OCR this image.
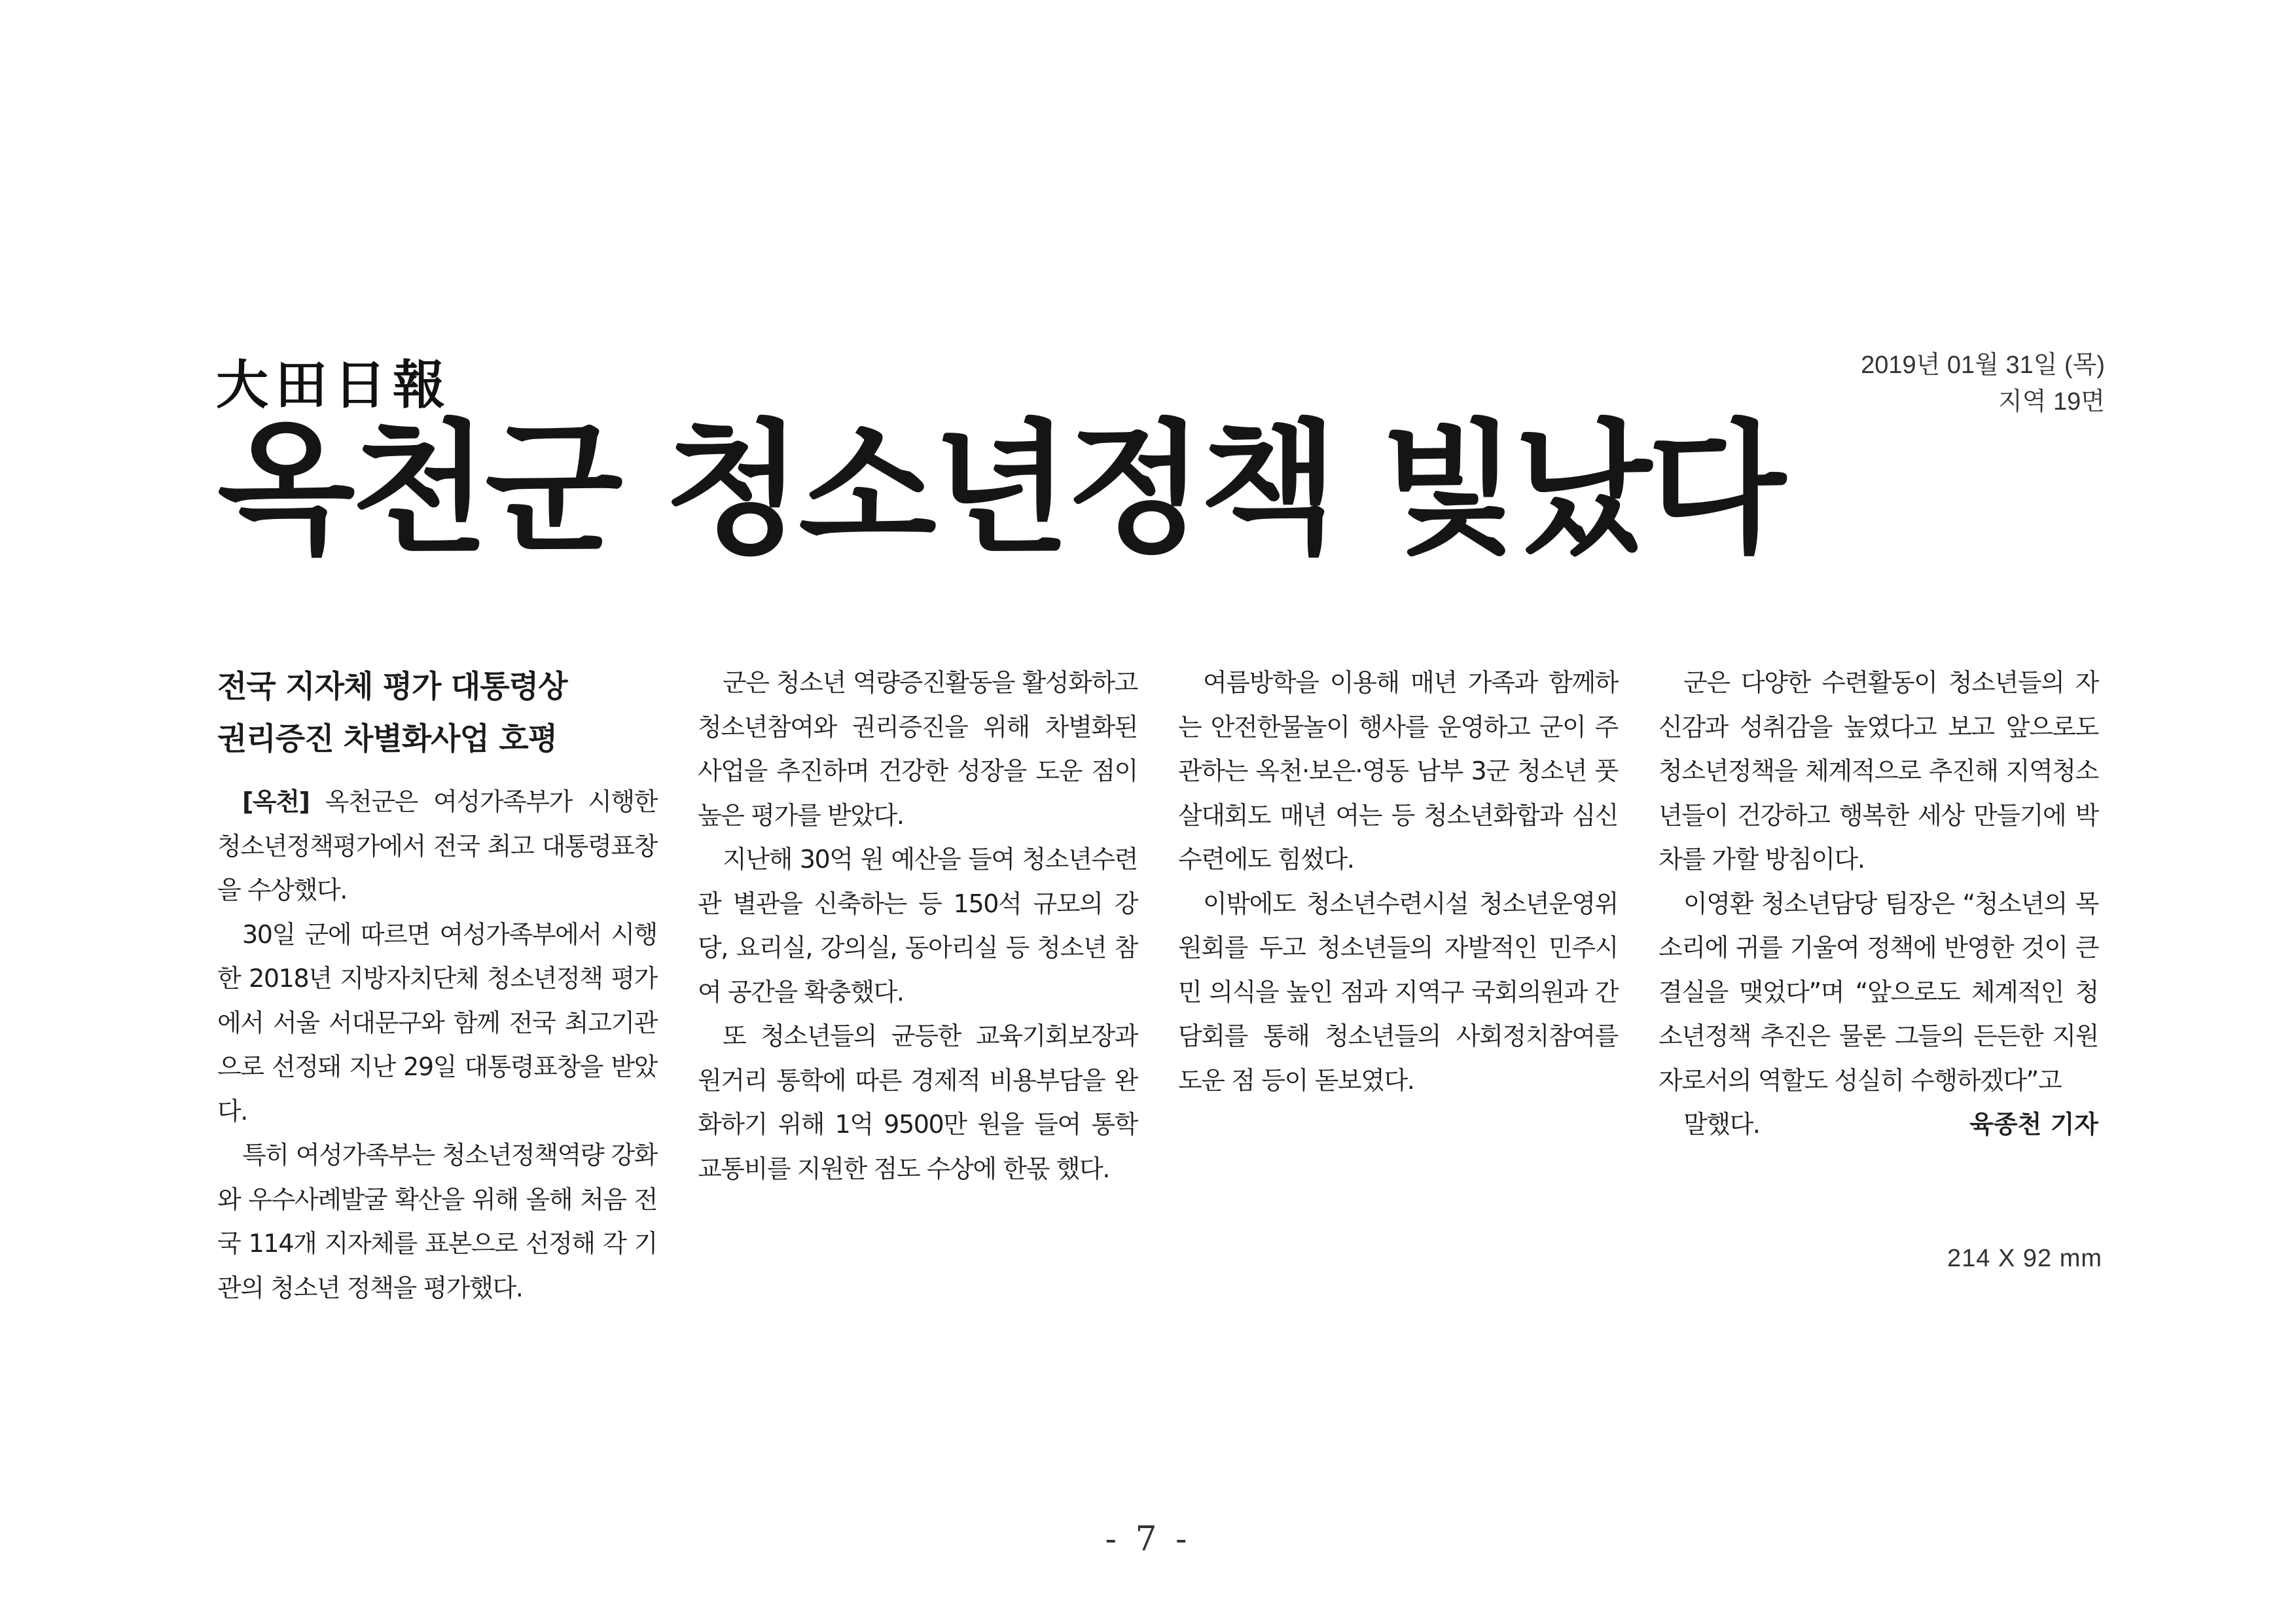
大田日報	2019년 01월 31일 (목)
지역 19면
옥천군 청소년정책 빛났다
전국 지자체 평가 대통령상
권리증진 차별화사업 호평

[옥천] 옥천군은 여성가족부가 시행한 청소년정책평가에서 전국 최고 대통령표창을 수상했다.

30일 군에 따르면 여성가족부에서 시행한 2018년 지방자치단체 청소년정책 평가에서 서울 서대문구와 함께 전국 최고기관으로 선정돼 지난 29일 대통령표창을 받았다.

특히 여성가족부는 청소년정책역량 강화와 우수사례발굴 확산을 위해 올해 처음 전국 114개 지자체를 표본으로 선정해 각 기관의 청소년 정책을 평가했다.

군은 청소년 역량증진활동을 활성화하고 청소년참여와 권리증진을 위해 차별화된 사업을 추진하며 건강한 성장을 도운 점이 높은 평가를 받았다.

지난해 30억 원 예산을 들여 청소년수련관 별관을 신축하는 등 150석 규모의 강당, 요리실, 강의실, 동아리실 등 청소년 참여 공간을 확충했다.

또 청소년들의 균등한 교육기회보장과 원거리 통학에 따른 경제적 비용부담을 완화하기 위해 1억 9500만 원을 들여 통학교통비를 지원한 점도 수상에 한몫 했다.

여름방학을 이용해 매년 가족과 함께하는 안전한물놀이 행사를 운영하고 군이 주관하는 옥천·보은·영동 남부 3군 청소년 풋살대회도 매년 여는 등 청소년화합과 심신수련에도 힘썼다.

이밖에도 청소년수련시설 청소년운영위원회를 두고 청소년들의 자발적인 민주시민 의식을 높인 점과 지역구 국회의원과 간담회를 통해 청소년들의 사회정치참여를 도운 점 등이 돋보였다.

군은 다양한 수련활동이 청소년들의 자신감과 성취감을 높였다고 보고 앞으로도 청소년정책을 체계적으로 추진해 지역청소년들이 건강하고 행복한 세상 만들기에 박차를 가할 방침이다.

이영환 청소년담당 팀장은 “청소년의 목소리에 귀를 기울여 정책에 반영한 것이 큰 결실을 맺었다”며 “앞으로도 체계적인 청소년정책 추진은 물론 그들의 든든한 지원자로서의 역할도 성실히 수행하겠다”고

말했다.	육종천 기자

214 X 92 mm
- 7 -
